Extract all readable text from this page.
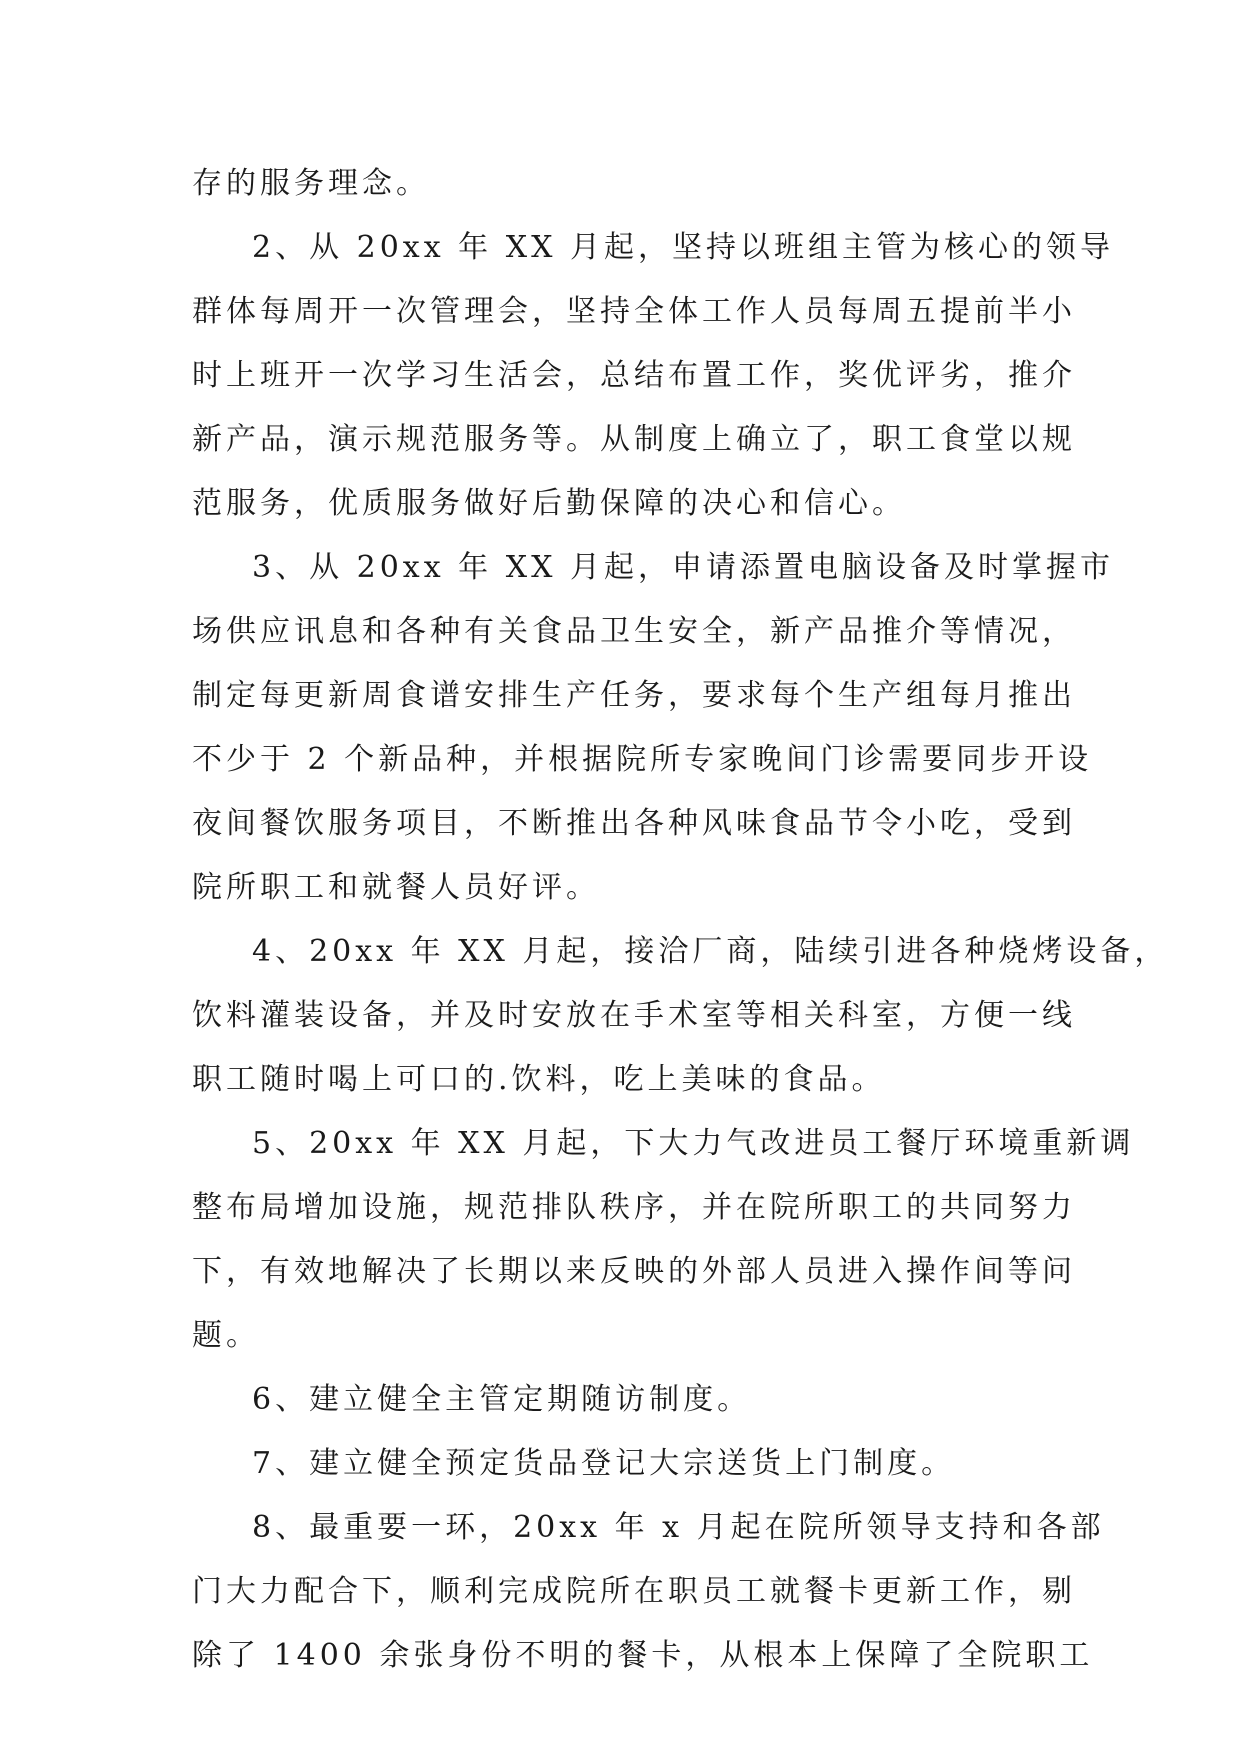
存的服务理念。
2、从 20xx 年 XX 月起，坚持以班组主管为核心的领导
群体每周开一次管理会，坚持全体工作人员每周五提前半小
时上班开一次学习生活会，总结布置工作，奖优评劣，推介
新产品，演示规范服务等。从制度上确立了，职工食堂以规
范服务，优质服务做好后勤保障的决心和信心。
3、从 20xx 年 XX 月起，申请添置电脑设备及时掌握市
场供应讯息和各种有关食品卫生安全，新产品推介等情况，
制定每更新周食谱安排生产任务，要求每个生产组每月推出
不少于 2 个新品种，并根据院所专家晚间门诊需要同步开设
夜间餐饮服务项目，不断推出各种风味食品节令小吃，受到
院所职工和就餐人员好评。
4、20xx 年 XX 月起，接洽厂商，陆续引进各种烧烤设备，
饮料灌装设备，并及时安放在手术室等相关科室，方便一线
职工随时喝上可口的.饮料，吃上美味的食品。
5、20xx 年 XX 月起，下大力气改进员工餐厅环境重新调
整布局增加设施，规范排队秩序，并在院所职工的共同努力
下，有效地解决了长期以来反映的外部人员进入操作间等问
题。
6、建立健全主管定期随访制度。
7、建立健全预定货品登记大宗送货上门制度。
8、最重要一环，20xx 年 x 月起在院所领导支持和各部
门大力配合下，顺利完成院所在职员工就餐卡更新工作，剔
除了 1400 余张身份不明的餐卡，从根本上保障了全院职工
